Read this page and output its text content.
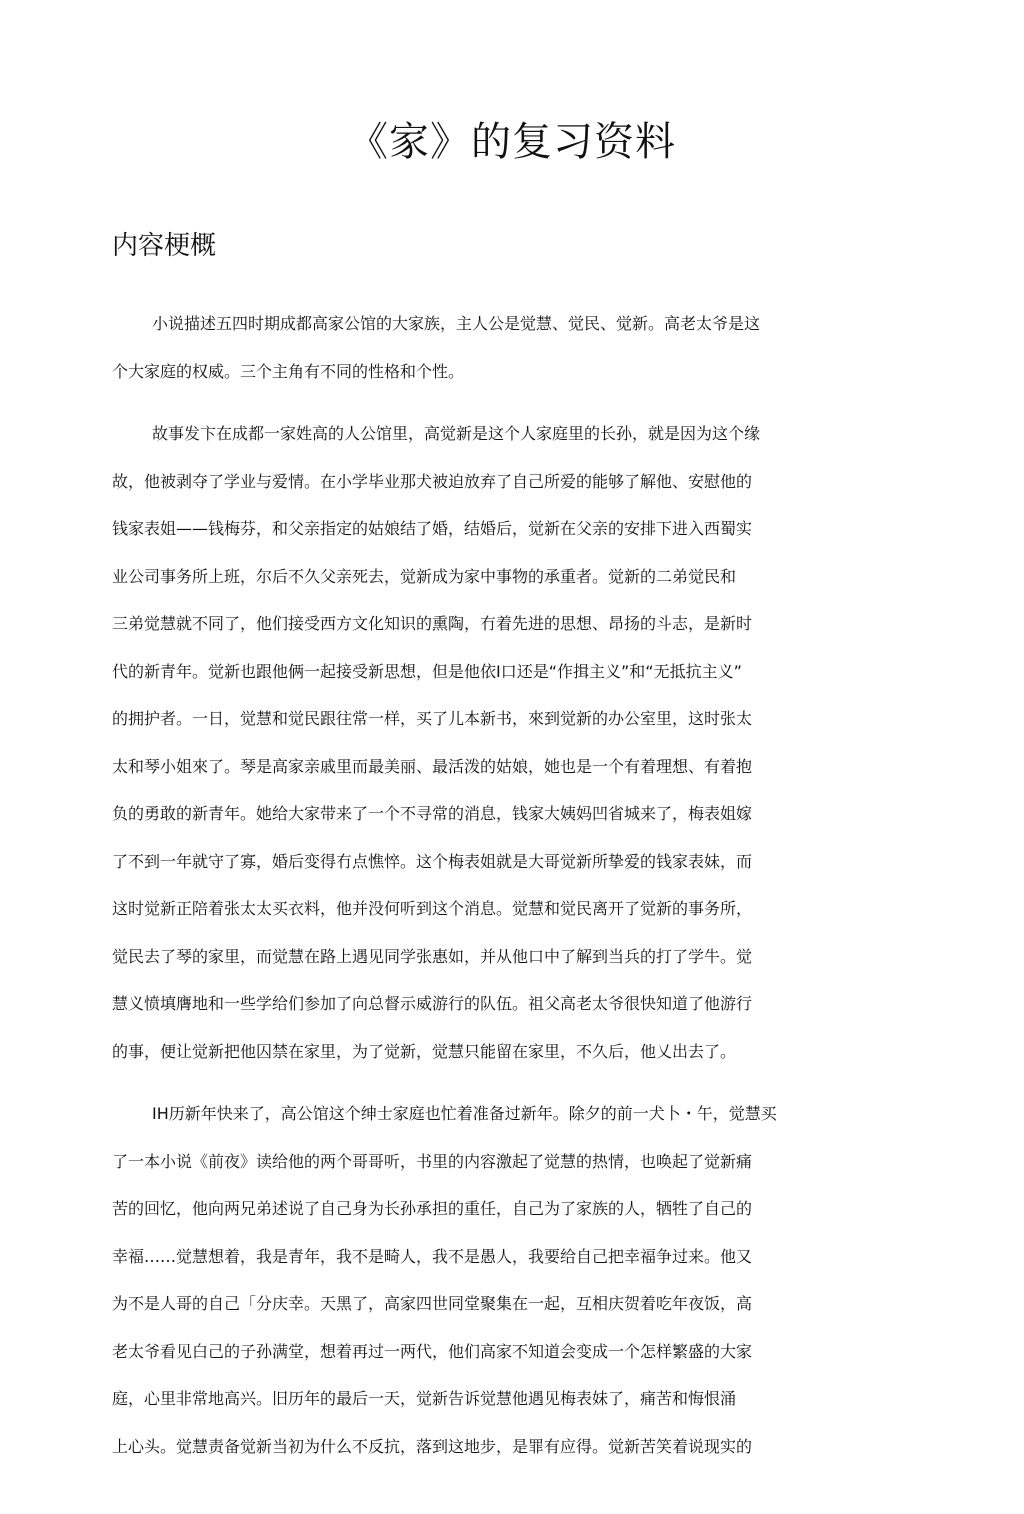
《家》的复习资料
内容梗概

小说描述五四时期成都高家公馆的大家族，主人公是觉慧、觉民、觉新。高老太爷是这
个大家庭的权威。三个主角有不同的性格和个性。

故事发卞在成都一家姓高的人公馆里，高觉新是这个人家庭里的长孙，就是因为这个缘
故，他被剥夺了学业与爱情。在小学毕业那犬被迫放弃了自己所爱的能够了解他、安慰他的
钱家表姐——钱梅芬，和父亲指定的姑娘结了婚，结婚后，觉新在父亲的安排下进入西蜀实
业公司事务所上班，尔后不久父亲死去，觉新成为家中事物的承重者。觉新的二弟觉民和
三弟觉慧就不同了，他们接受西方文化知识的熏陶，冇着先进的思想、昂扬的斗志，是新时
代的新青年。觉新也跟他俩一起接受新思想，但是他依I口还是“作揖主义”和“无抵抗主义”
的拥护者。一日，觉慧和觉民跟往常一样，买了儿本新书，來到觉新的办公室里，这时张太
太和琴小姐來了。琴是高家亲戚里而最美丽、最活泼的姑娘，她也是一个有着理想、有着抱
负的勇敢的新青年。她给大家带来了一个不寻常的消息，钱家大姨妈凹省城来了，梅表姐嫁
了不到一年就守了寡，婚后变得冇点憔悴。这个梅表姐就是大哥觉新所挚爱的钱家表妹，而
这时觉新正陪着张太太买衣料，他并没何听到这个消息。觉慧和觉民离开了觉新的事务所，
觉民去了琴的家里，而觉慧在路上遇见同学张惠如，并从他口中了解到当兵的打了学牛。觉
慧义愤填膺地和一些学给们参加了向总督示威游行的队伍。祖父高老太爷很快知道了他游行
的事，便让觉新把他囚禁在家里，为了觉新，觉慧只能留在家里，不久后，他乂出去了。

IH历新年快来了，高公馆这个绅士家庭也忙着准备过新年。除夕的前一犬卜・午，觉慧买
了一本小说《前夜》读给他的两个哥哥听，书里的内容激起了觉慧的热情，也唤起了觉新痛
苦的回忆，他向两兄弟述说了自己身为长孙承担的重任，自己为了家族的人，牺牲了自己的
幸福……觉慧想着，我是青年，我不是畸人，我不是愚人，我要给自己把幸福争过来。他又
为不是人哥的自己「分庆幸。天黑了，高家四世同堂聚集在一起，互相庆贺着吃年夜饭，高
老太爷看见白己的子孙满堂，想着再过一两代，他们高家不知道会变成一个怎样繁盛的大家
庭，心里非常地高兴。旧历年的最后一天，觉新告诉觉慧他遇见梅表妹了，痛苦和悔恨涌
上心头。觉慧责备觉新当初为什么不反抗，落到这地步，是罪有应得。觉新苦笑着说现实的
